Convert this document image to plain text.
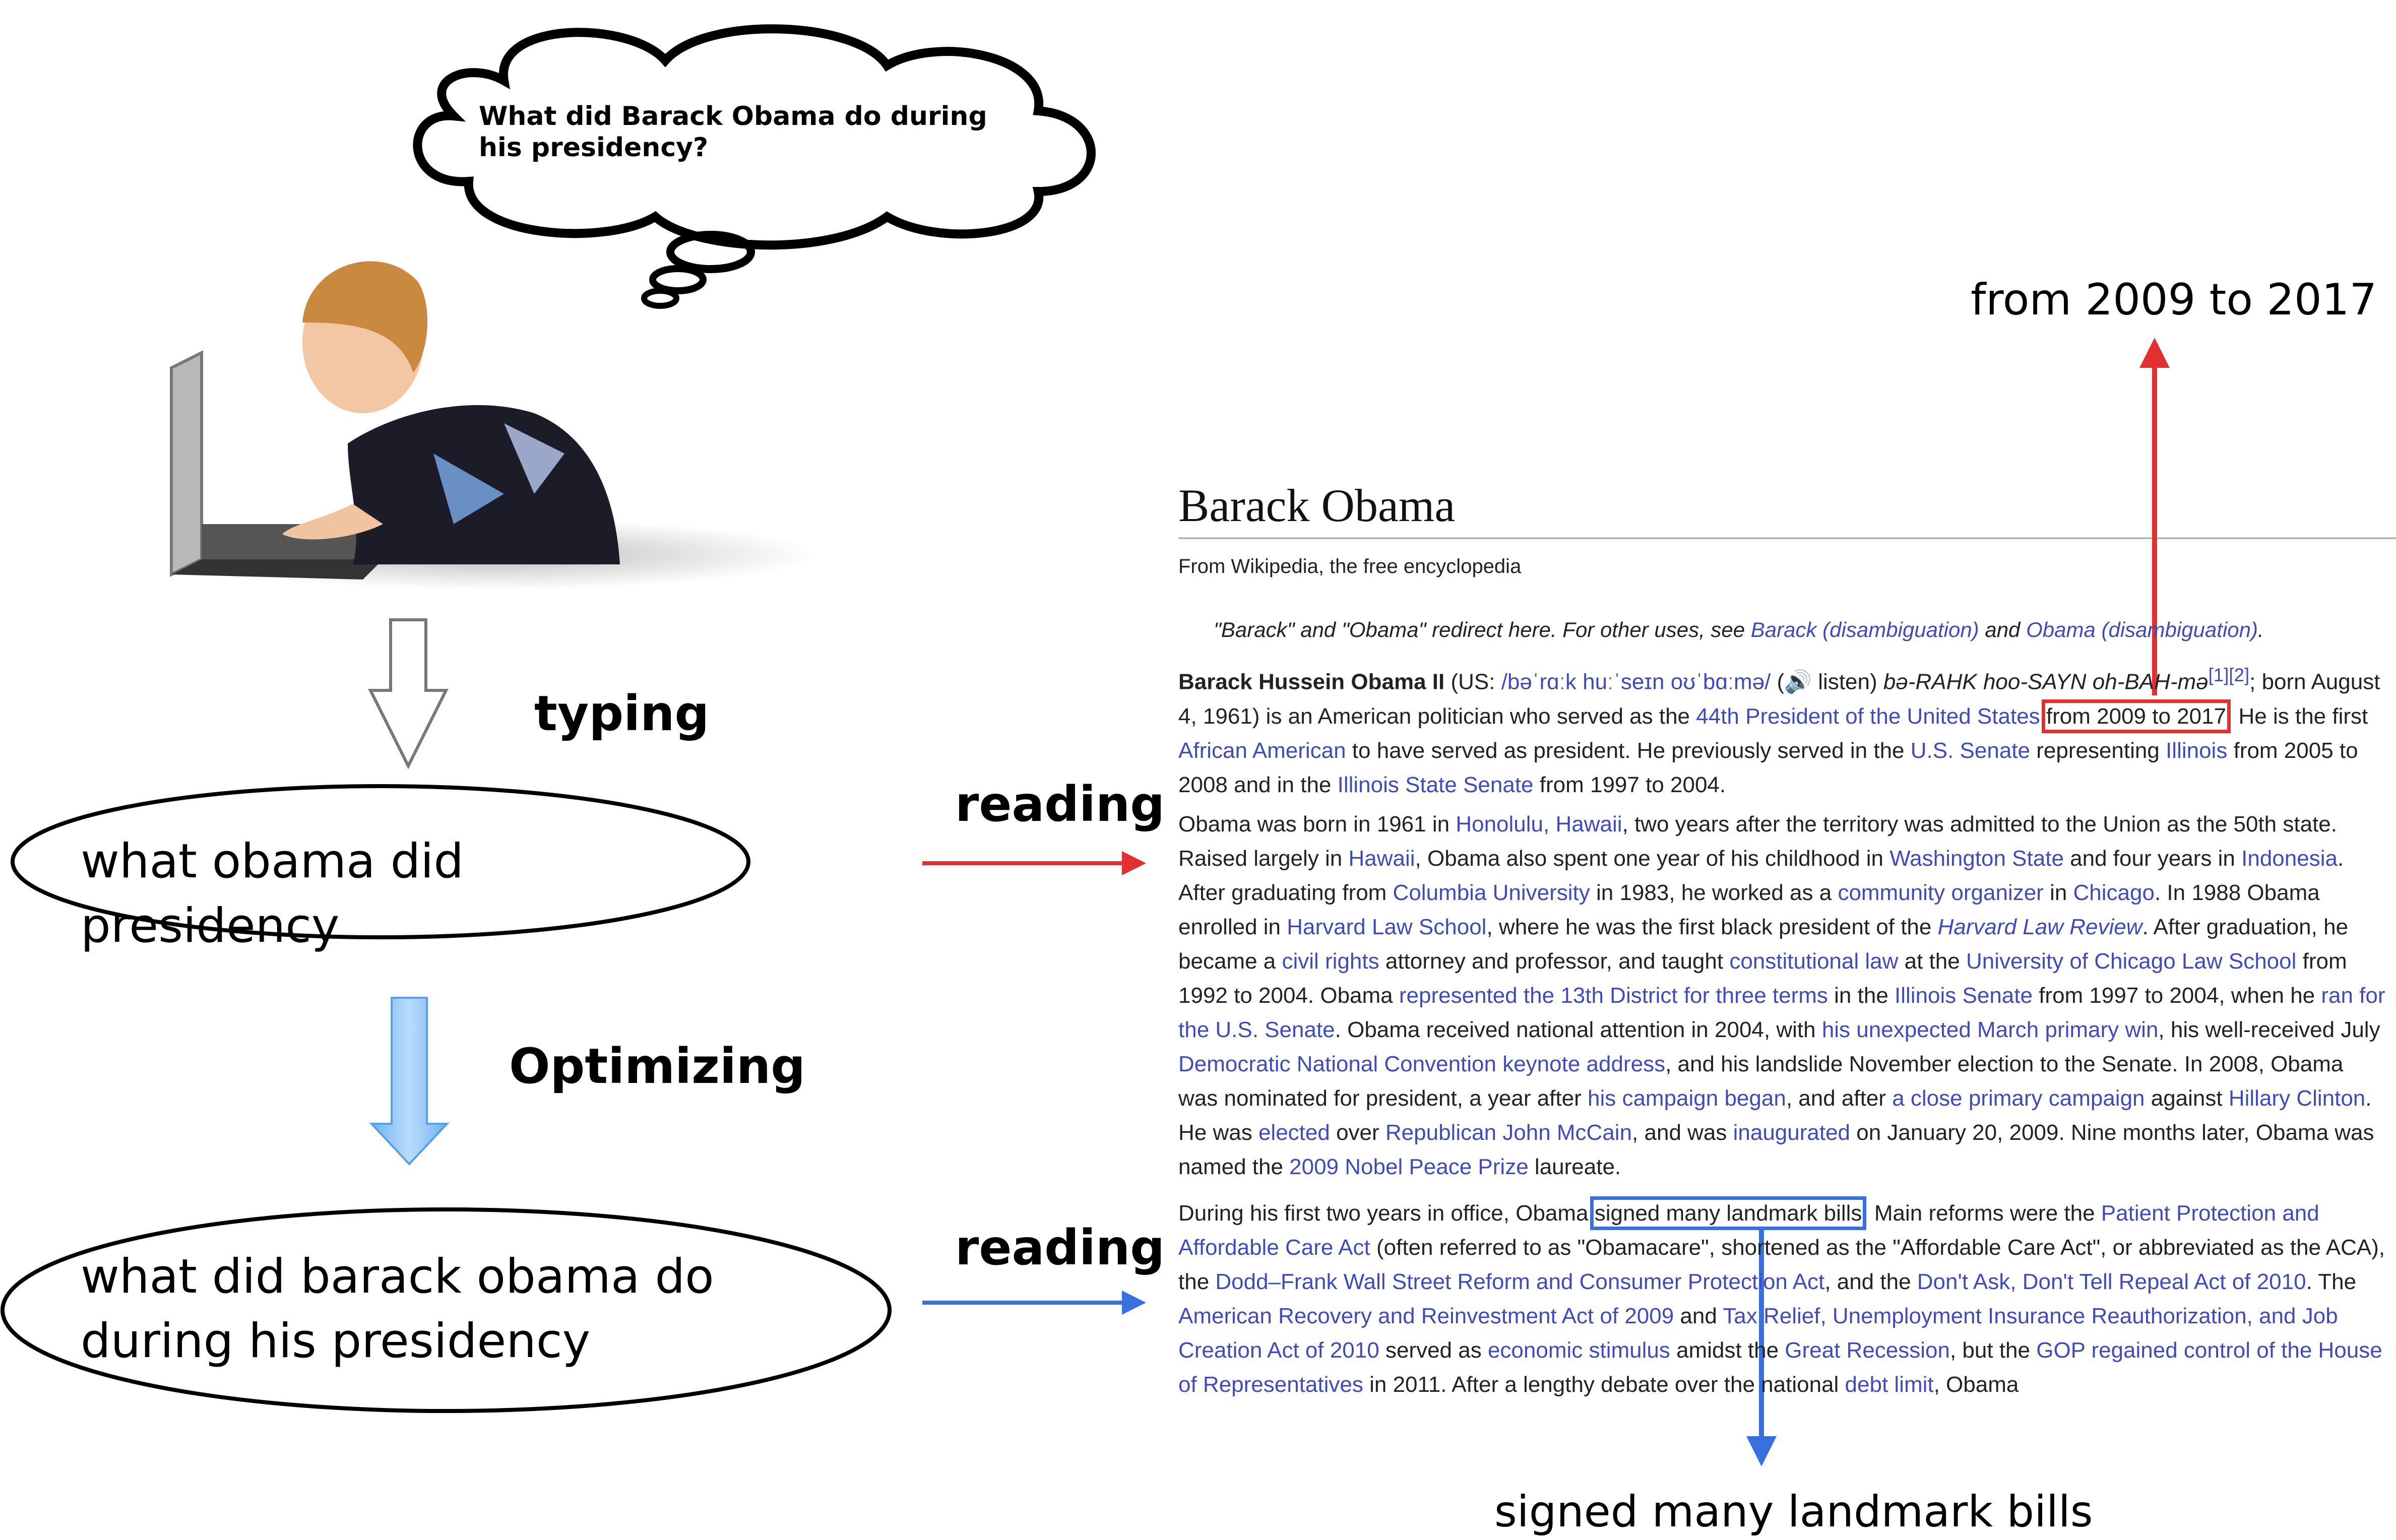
What did Barack Obama do during his presidency?
typing
Optimizing
reading
reading
what obama did presidency
what did barack obama do during his presidency
from 2009 to 2017
signed many landmark bills
Barack Obama
From Wikipedia, the free encyclopedia
"Barack" and "Obama" redirect here. For other uses, see Barack (disambiguation) and Obama (disambiguation).
Barack Hussein Obama II (US: /bəˈrɑːk huːˈseɪn oʊˈbɑːmə/ (🔊 listen) bə-RAHK hoo-SAYN oh-BAH-mə[1][2]; born August 4, 1961) is an American politician who served as the 44th President of the United States from 2009 to 2017. He is the first African American to have served as president. He previously served in the U.S. Senate representing Illinois from 2005 to 2008 and in the Illinois State Senate from 1997 to 2004.
Obama was born in 1961 in Honolulu, Hawaii, two years after the territory was admitted to the Union as the 50th state. Raised largely in Hawaii, Obama also spent one year of his childhood in Washington State and four years in Indonesia. After graduating from Columbia University in 1983, he worked as a community organizer in Chicago. In 1988 Obama enrolled in Harvard Law School, where he was the first black president of the Harvard Law Review. After graduation, he became a civil rights attorney and professor, and taught constitutional law at the University of Chicago Law School from 1992 to 2004. Obama represented the 13th District for three terms in the Illinois Senate from 1997 to 2004, when he ran for the U.S. Senate. Obama received national attention in 2004, with his unexpected March primary win, his well-received July Democratic National Convention keynote address, and his landslide November election to the Senate. In 2008, Obama was nominated for president, a year after his campaign began, and after a close primary campaign against Hillary Clinton. He was elected over Republican John McCain, and was inaugurated on January 20, 2009. Nine months later, Obama was named the 2009 Nobel Peace Prize laureate.
During his first two years in office, Obama signed many landmark bills. Main reforms were the Patient Protection and Affordable Care Act (often referred to as "Obamacare", shortened as the "Affordable Care Act", or abbreviated as the ACA), the Dodd–Frank Wall Street Reform and Consumer Protection Act, and the Don't Ask, Don't Tell Repeal Act of 2010. The American Recovery and Reinvestment Act of 2009 and Tax Relief, Unemployment Insurance Reauthorization, and Job Creation Act of 2010 served as economic stimulus amidst the Great Recession, but the GOP regained control of the House of Representatives in 2011. After a lengthy debate over the national debt limit, Obama
